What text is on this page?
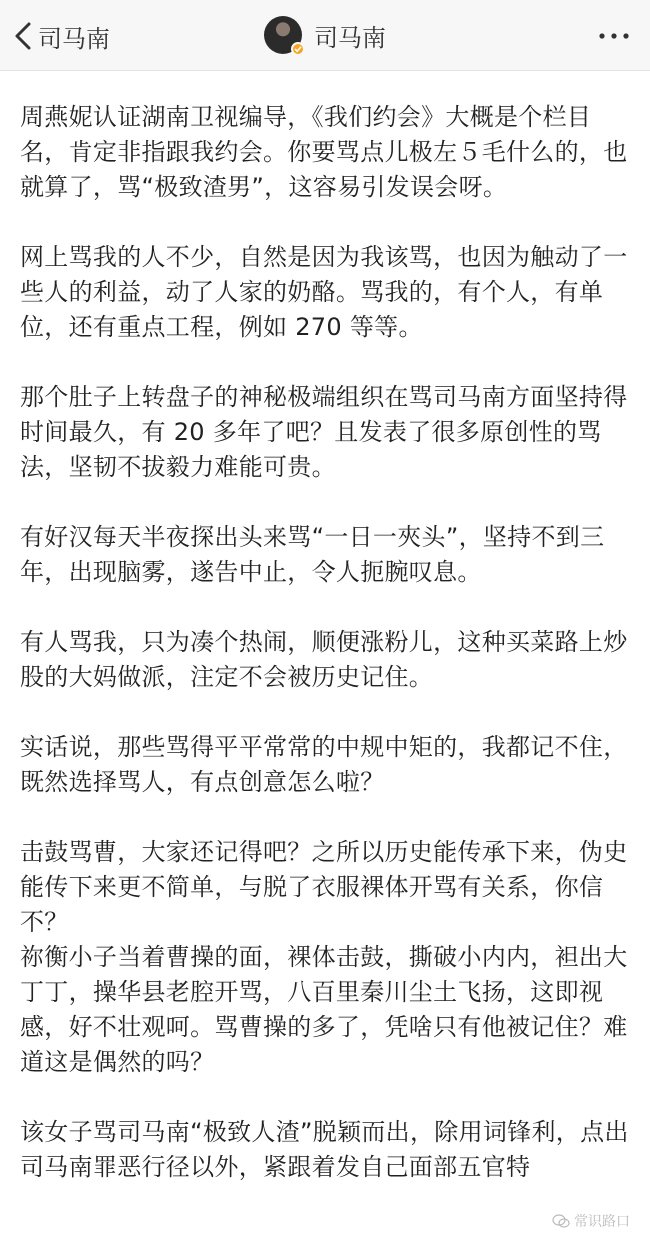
司马南	司马南

周燕妮认证湖南卫视编导，《我们约会》大概是个栏目名，肯定非指跟我约会。你要骂点儿极左５毛什么的，也就算了，骂“极致渣男”，这容易引发误会呀。

网上骂我的人不少，自然是因为我该骂，也因为触动了一些人的利益，动了人家的奶酪。骂我的，有个人，有单位，还有重点工程，例如 270 等等。

那个肚子上转盘子的神秘极端组织在骂司马南方面坚持得时间最久，有 20 多年了吧？且发表了很多原创性的骂法，坚韧不拔毅力难能可贵。

有好汉每天半夜探出头来骂“一日一夾头”，坚持不到三年，出现脑雾，遂告中止，令人扼腕叹息。

有人骂我，只为凑个热闹，顺便涨粉儿，这种买菜路上炒股的大妈做派，注定不会被历史记住。

实话说，那些骂得平平常常的中规中矩的，我都记不住，既然选择骂人，有点创意怎么啦？

击鼓骂曹，大家还记得吧？之所以历史能传承下来，伪史能传下来更不简单，与脱了衣服裸体开骂有关系，你信不？

祢衡小子当着曹操的面，裸体击鼓，撕破小内内，袒出大丁丁，操华县老腔开骂，八百里秦川尘土飞扬，这即视感，好不壮观呵。骂曹操的多了，凭啥只有他被记住？难道这是偶然的吗？

该女子骂司马南“极致人渣”脱颖而出，除用词锋利，点出司马南罪恶行径以外，紧跟着发自己面部五官特

常识路口
